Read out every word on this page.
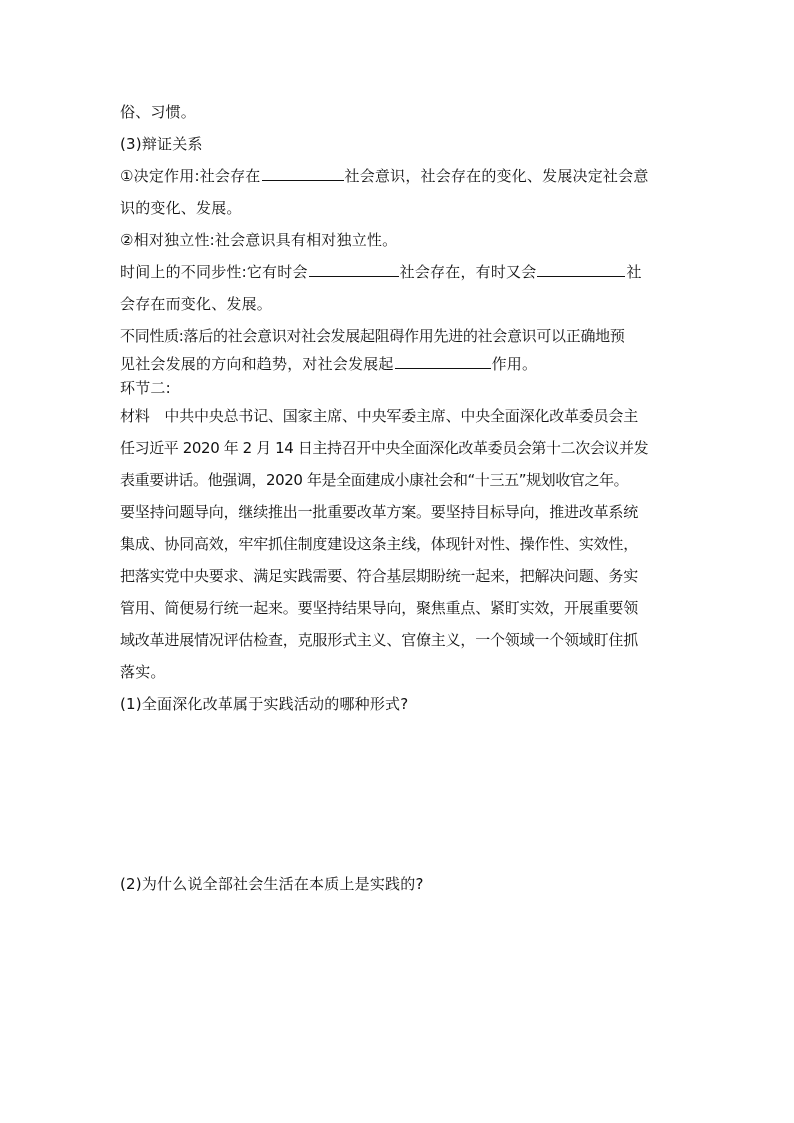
俗、习惯。
(3)辩证关系
①决定作用:社会存在	社会意识，社会存在的变化、发展决定社会意
识的变化、发展。
②相对独立性:社会意识具有相对独立性。
时间上的不同步性:它有时会	社会存在，有时又会	社
会存在而变化、发展。
不同性质:落后的社会意识对社会发展起阻碍作用先进的社会意识可以正确地预
见社会发展的方向和趋势，对社会发展起	作用。
环节二:
材料　中共中央总书记、国家主席、中央军委主席、中央全面深化改革委员会主
任习近平 2020 年 2 月 14 日主持召开中央全面深化改革委员会第十二次会议并发
表重要讲话。他强调，2020 年是全面建成小康社会和“十三五”规划收官之年。
要坚持问题导向，继续推出一批重要改革方案。要坚持目标导向，推进改革系统
集成、协同高效，牢牢抓住制度建设这条主线，体现针对性、操作性、实效性，
把落实党中央要求、满足实践需要、符合基层期盼统一起来，把解决问题、务实
管用、简便易行统一起来。要坚持结果导向，聚焦重点、紧盯实效，开展重要领
域改革进展情况评估检查，克服形式主义、官僚主义，一个领域一个领域盯住抓
落实。
(1)全面深化改革属于实践活动的哪种形式?
(2)为什么说全部社会生活在本质上是实践的?
